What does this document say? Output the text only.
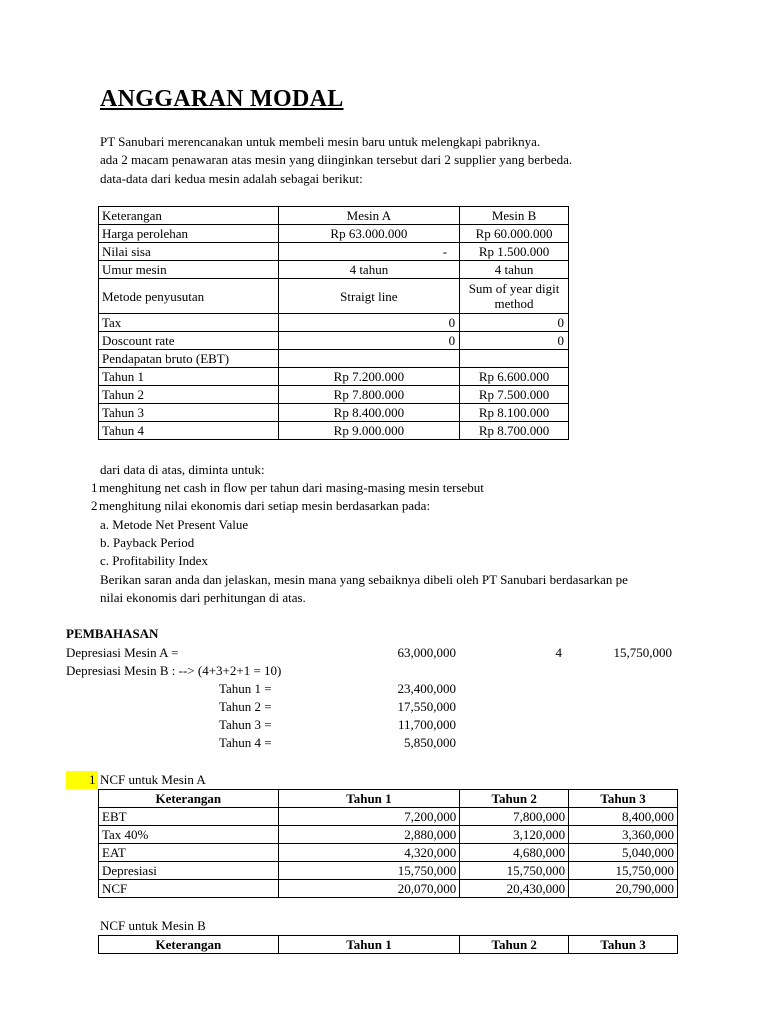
ANGGARAN MODAL
PT Sanubari merencanakan untuk membeli mesin baru untuk melengkapi pabriknya.
ada 2 macam penawaran atas mesin yang diinginkan tersebut dari 2 supplier yang berbeda.
data-data dari kedua mesin adalah sebagai berikut:
Keterangan	Mesin A	Mesin B
Harga perolehan	Rp 63.000.000	Rp 60.000.000
Nilai sisa	-	Rp 1.500.000
Umur mesin	4 tahun	4 tahun
Metode penyusutan	Straigt line	Sum of year digit
method

Tax	0	0
Doscount rate	0	0
Pendapatan bruto (EBT)		
Tahun 1	Rp 7.200.000	Rp 6.600.000
Tahun 2	Rp 7.800.000	Rp 7.500.000
Tahun 3	Rp 8.400.000	Rp 8.100.000
Tahun 4	Rp 9.000.000	Rp 8.700.000
dari data di atas, diminta untuk:
1 menghitung net cash in flow per tahun dari masing-masing mesin tersebut
2 menghitung nilai ekonomis dari setiap mesin berdasarkan pada:
a. Metode Net Present Value
b. Payback Period
c. Profitability Index
Berikan saran anda dan jelaskan, mesin mana yang sebaiknya dibeli oleh PT Sanubari berdasarkan pe
nilai ekonomis dari perhitungan di atas.
PEMBAHASAN
Depresiasi Mesin A =	63,000,000	4	15,750,000
Depresiasi Mesin B : --> (4+3+2+1 = 10)
Tahun 1 =	23,400,000
Tahun 2 =	17,550,000
Tahun 3 =	11,700,000
Tahun 4 =	5,850,000
1 NCF untuk Mesin A
Keterangan	Tahun 1	Tahun 2	Tahun 3
EBT	7,200,000	7,800,000	8,400,000
Tax 40%	2,880,000	3,120,000	3,360,000
EAT	4,320,000	4,680,000	5,040,000
Depresiasi	15,750,000	15,750,000	15,750,000
NCF	20,070,000	20,430,000	20,790,000
NCF untuk Mesin B
Keterangan	Tahun 1	Tahun 2	Tahun 3
